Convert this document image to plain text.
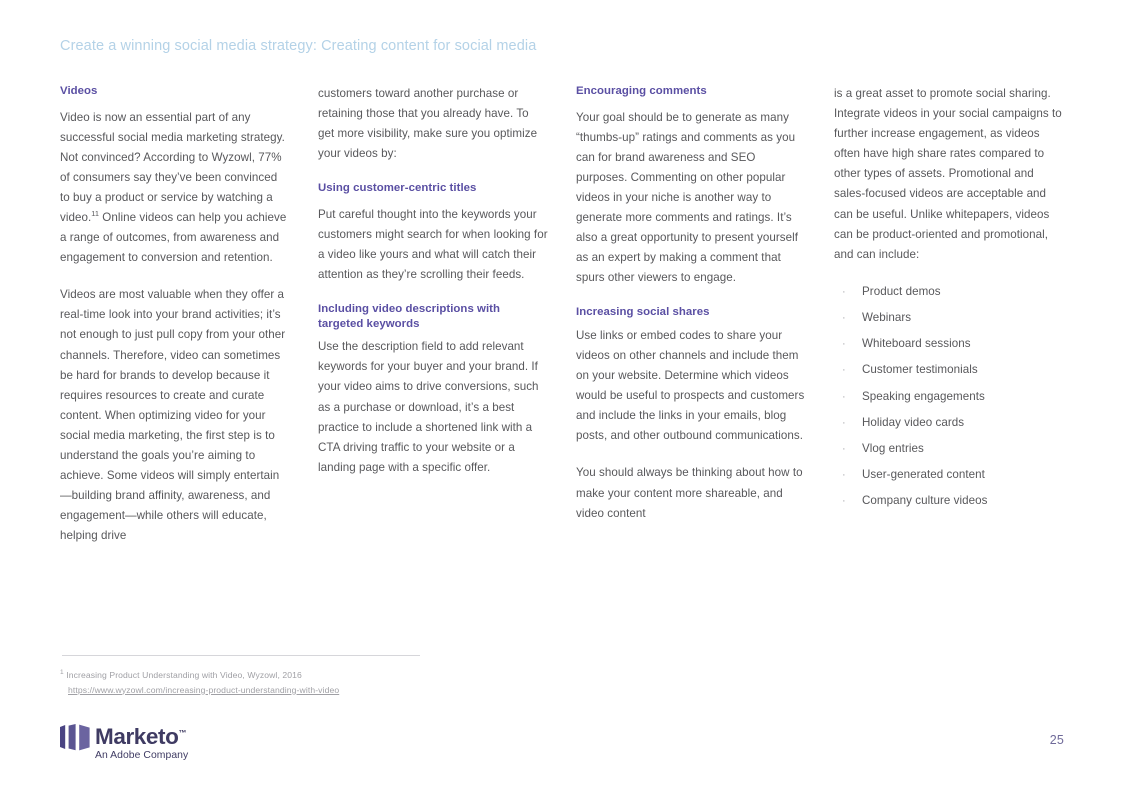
Create a winning social media strategy: Creating content for social media
Videos

Video is now an essential part of any successful social media marketing strategy. Not convinced? According to Wyzowl, 77% of consumers say they’ve been convinced to buy a product or service by watching a video.$^{11}$ Online videos can help you achieve a range of outcomes, from awareness and engagement to conversion and retention.

Videos are most valuable when they offer a real-time look into your brand activities; it’s not enough to just pull copy from your other channels. Therefore, video can sometimes be hard for brands to develop because it requires resources to create and curate content. When optimizing video for your social media marketing, the first step is to understand the goals you’re aiming to achieve. Some videos will simply entertain—building brand affinity, awareness, and engagement—while others will educate, helping drive

customers toward another purchase or retaining those that you already have. To get more visibility, make sure you optimize your videos by:

Using customer-centric titles

Put careful thought into the keywords your customers might search for when looking for a video like yours and what will catch their attention as they’re scrolling their feeds.

Including video descriptions with targeted keywords

Use the description field to add relevant keywords for your buyer and your brand. If your video aims to drive conversions, such as a purchase or download, it’s a best practice to include a shortened link with a CTA driving traffic to your website or a landing page with a specific offer.

Encouraging comments

Your goal should be to generate as many “thumbs-up” ratings and comments as you can for brand awareness and SEO purposes. Commenting on other popular videos in your niche is another way to generate more comments and ratings. It’s also a great opportunity to present yourself as an expert by making a comment that spurs other viewers to engage.

Increasing social shares

Use links or embed codes to share your videos on other channels and include them on your website. Determine which videos would be useful to prospects and customers and include the links in your emails, blog posts, and other outbound communications.

You should always be thinking about how to make your content more shareable, and video content

is a great asset to promote social sharing. Integrate videos in your social campaigns to further increase engagement, as videos often have high share rates compared to other types of assets. Promotional and sales-focused videos are acceptable and can be useful. Unlike whitepapers, videos can be product-oriented and promotional, and can include:

· Product demos
· Webinars
· Whiteboard sessions
· Customer testimonials
· Speaking engagements
· Holiday video cards
· Vlog entries
· User-generated content
· Company culture videos
$^1$ Increasing Product Understanding with Video, Wyzowl, 2016
https://www.wyzowl.com/increasing-product-understanding-with-video
Marketo™
An Adobe Company
25
